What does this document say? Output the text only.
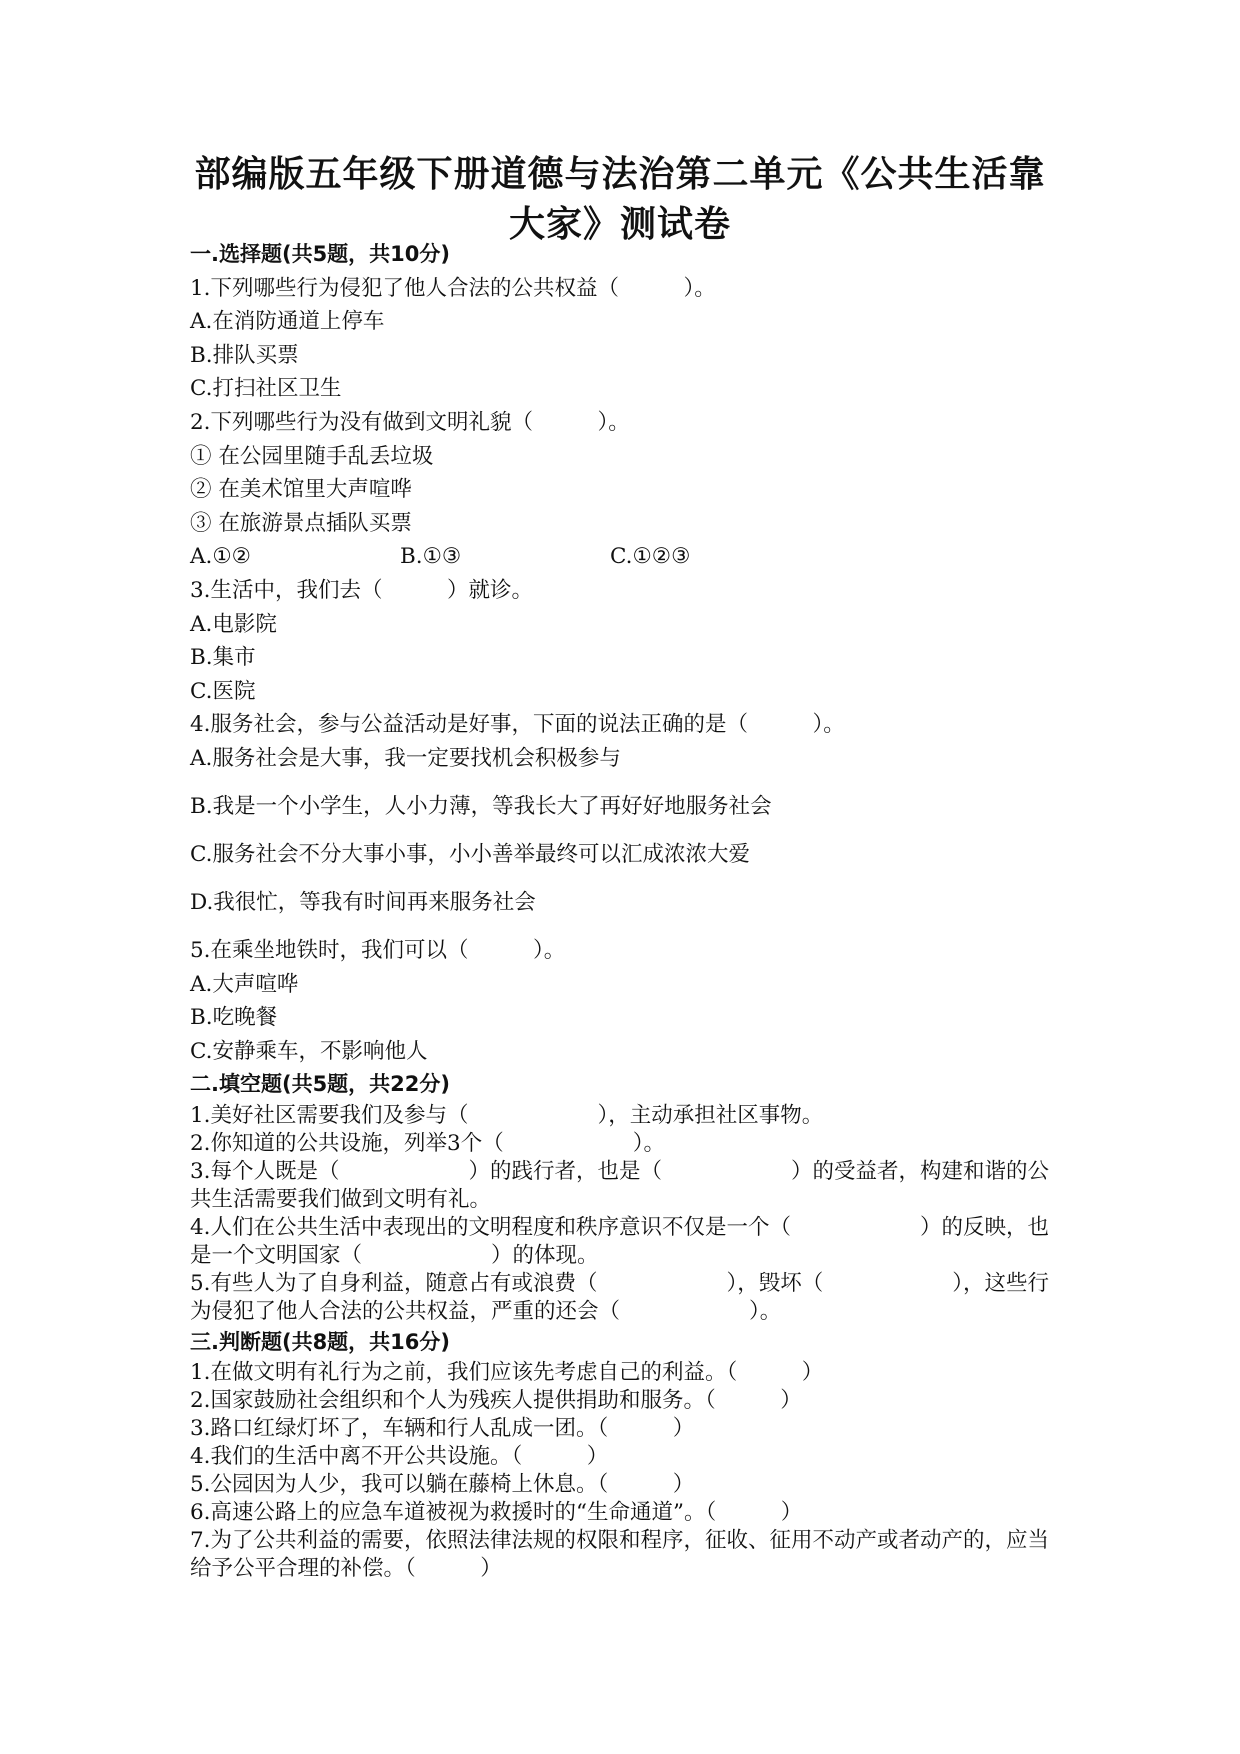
部编版五年级下册道德与法治第二单元《公共生活靠
大家》测试卷
一.选择题(共5题，共10分)
1.下列哪些行为侵犯了他人合法的公共权益（　　　）。
A.在消防通道上停车
B.排队买票
C.打扫社区卫生
2.下列哪些行为没有做到文明礼貌（　　　）。
① 在公园里随手乱丢垃圾
② 在美术馆里大声喧哗
③ 在旅游景点插队买票
A.①②	B.①③	C.①②③
3.生活中，我们去（　　　）就诊。
A.电影院
B.集市
C.医院
4.服务社会，参与公益活动是好事，下面的说法正确的是（　　　）。
A.服务社会是大事，我一定要找机会积极参与
B.我是一个小学生，人小力薄，等我长大了再好好地服务社会
C.服务社会不分大事小事，小小善举最终可以汇成浓浓大爱
D.我很忙，等我有时间再来服务社会
5.在乘坐地铁时，我们可以（　　　）。
A.大声喧哗
B.吃晚餐
C.安静乘车，不影响他人
二.填空题(共5题，共22分)
1.美好社区需要我们及参与（　　　　　　），主动承担社区事物。
2.你知道的公共设施，列举3个（　　　　　　）。
3.每个人既是（　　　　　　）的践行者，也是（　　　　　　）的受益者，构建和谐的公共生活需要我们做到文明有礼。
4.人们在公共生活中表现出的文明程度和秩序意识不仅是一个（　　　　　　）的反映，也是一个文明国家（　　　　　　）的体现。
5.有些人为了自身利益，随意占有或浪费（　　　　　　），毁坏（　　　　　　），这些行为侵犯了他人合法的公共权益，严重的还会（　　　　　　）。
三.判断题(共8题，共16分)
1.在做文明有礼行为之前，我们应该先考虑自己的利益。（　　　）
2.国家鼓励社会组织和个人为残疾人提供捐助和服务。（　　　）
3.路口红绿灯坏了，车辆和行人乱成一团。（　　　）
4.我们的生活中离不开公共设施。（　　　）
5.公园因为人少，我可以躺在藤椅上休息。（　　　）
6.高速公路上的应急车道被视为救援时的“生命通道”。（　　　）
7.为了公共利益的需要，依照法律法规的权限和程序，征收、征用不动产或者动产的，应当给予公平合理的补偿。（　　　）
